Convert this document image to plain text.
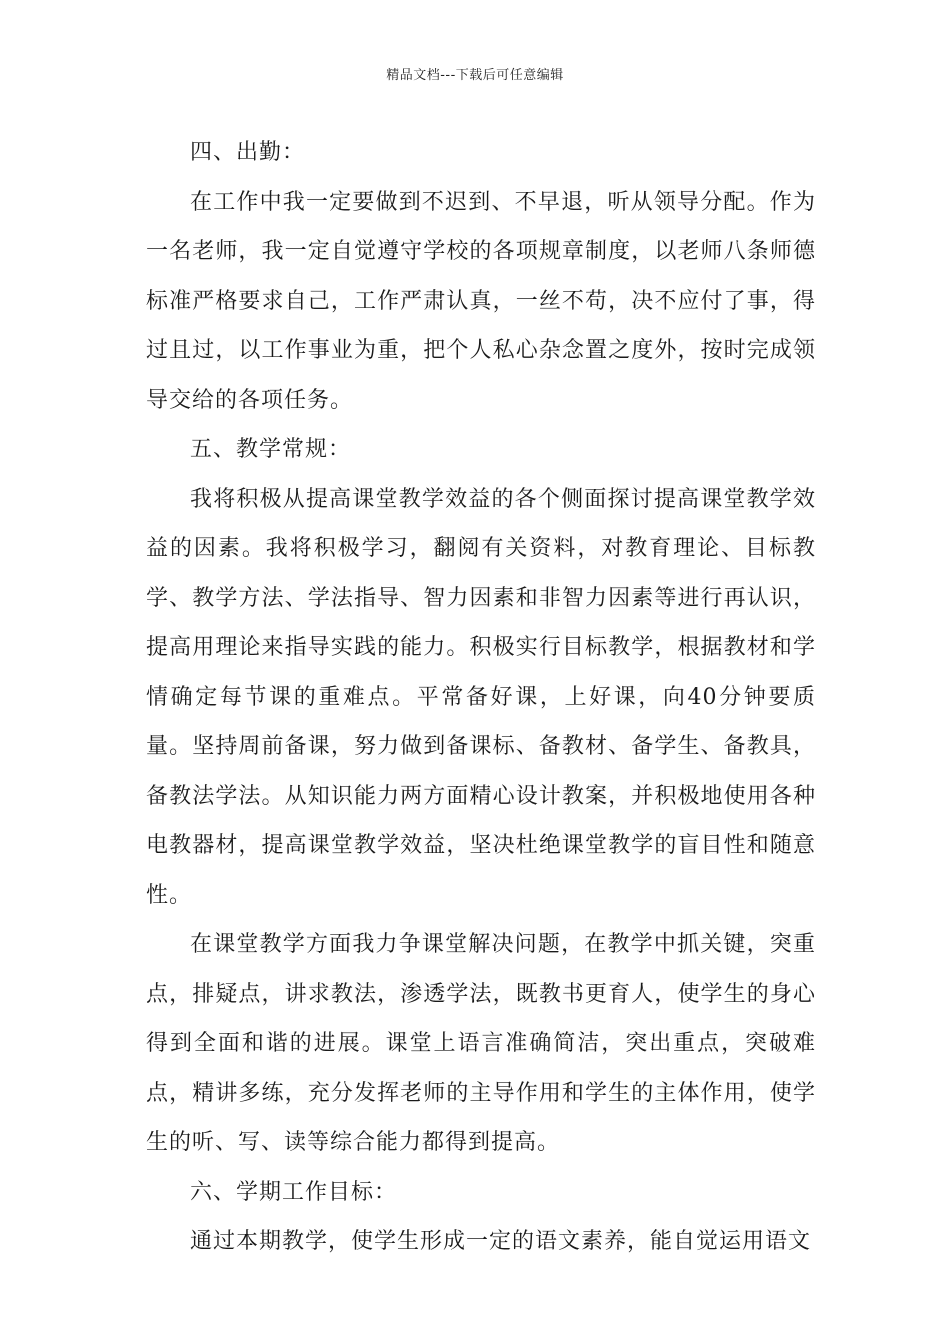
精品文档---下载后可任意编辑

四、出勤：

在工作中我一定要做到不迟到、不早退，听从领导分配。作为一名老师，我一定自觉遵守学校的各项规章制度，以老师八条师德标准严格要求自己，工作严肃认真，一丝不苟，决不应付了事，得过且过，以工作事业为重，把个人私心杂念置之度外，按时完成领导交给的各项任务。

五、教学常规：

我将积极从提高课堂教学效益的各个侧面探讨提高课堂教学效益的因素。我将积极学习，翻阅有关资料，对教育理论、目标教学、教学方法、学法指导、智力因素和非智力因素等进行再认识，提高用理论来指导实践的能力。积极实行目标教学，根据教材和学情确定每节课的重难点。平常备好课，上好课，向40分钟要质量。坚持周前备课，努力做到备课标、备教材、备学生、备教具，备教法学法。从知识能力两方面精心设计教案，并积极地使用各种电教器材，提高课堂教学效益，坚决杜绝课堂教学的盲目性和随意性。

在课堂教学方面我力争课堂解决问题，在教学中抓关键，突重点，排疑点，讲求教法，渗透学法，既教书更育人，使学生的身心得到全面和谐的进展。课堂上语言准确简洁，突出重点，突破难点，精讲多练，充分发挥老师的主导作用和学生的主体作用，使学生的听、写、读等综合能力都得到提高。

六、学期工作目标：

通过本期教学，使学生形成一定的语文素养，能自觉运用语文
